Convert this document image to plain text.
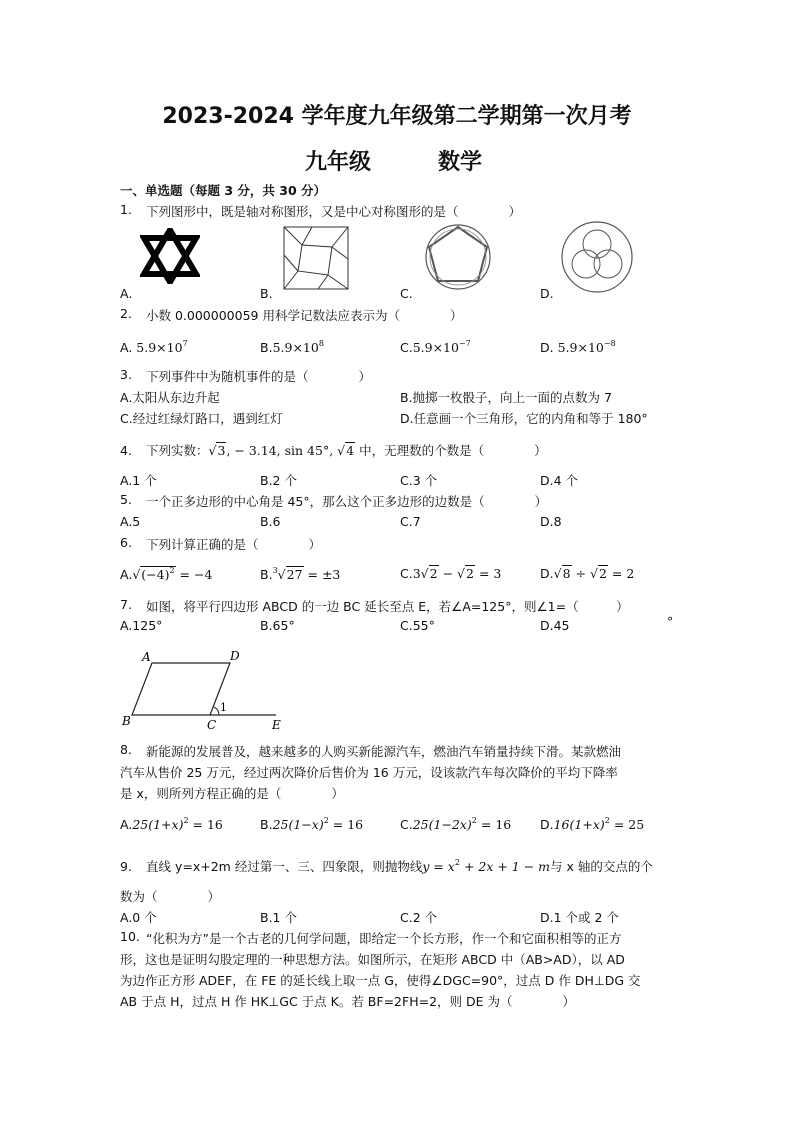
2023-2024 学年度九年级第二学期第一次月考
九年级	数学
一、单选题（每题 3 分，共 30 分）
1. 下列图形中，既是轴对称图形，又是中心对称图形的是（　　　　）
A.	B.	C.	D.
2. 小数 0.000000059 用科学记数法应表示为（　　　　）
A. $5.9\times 10^7$	$B.5.9\times 10^8$	$C.5.9\times 10^{-7}$	D. $5.9\times 10^{-8}$
3. 下列事件中为随机事件的是（　　　　）
A.太阳从东边升起	B.抛掷一枚骰子，向上一面的点数为 7
C.经过红绿灯路口，遇到红灯	D.任意画一个三角形，它的内角和等于 180°
4. 下列实数：√3, − 3.14, sin 45°, √4 中，无理数的个数是（　　　　）
A.1 个	B.2 个	C.3 个	D.4 个
5. 一个正多边形的中心角是 45°，那么这个正多边形的边数是（　　　　）
A.5	B.6	C.7	D.8
6. 下列计算正确的是（　　　　）
$A.√(-4)^2 = -4$	B.$^3$√27 = ±3	C.3√2 − √2 = 3	D.√8 ÷ √2 = 2
7. 如图，将平行四边形 ABCD 的一边 BC 延长至点 E，若∠A=125°，则∠1=（　　　）
A.125°	B.65°	C.55°	D.45	°
A	D
B	C	E
1
8. 新能源的发展普及，越来越多的人购买新能源汽车，燃油汽车销量持续下滑。某款燃油
汽车从售价 25 万元，经过两次降价后售价为 16 万元，设该款汽车每次降价的平均下降率
是 x，则所列方程正确的是（　　　　）
$A.25(1+x)^2 = 16$	$B.25(1-x)^2 = 16$	$C.25(1-2x)^2 = 16$ $D.16(1+x)^2 = 25$
9. 直线 y=x+2m 经过第一、三、四象限，则抛物线$y = x^2 + 2x + 1 - m$与 x 轴的交点的个
数为（　　　　）
A.0 个	B.1 个	C.2 个	D.1 个或 2 个
10. “化积为方”是一个古老的几何学问题，即给定一个长方形，作一个和它面积相等的正方
形，这也是证明勾股定理的一种思想方法。如图所示，在矩形 ABCD 中（AB>AD），以 AD
为边作正方形 ADEF，在 FE 的延长线上取一点 G，使得∠DGC=90°，过点 D 作 DH⊥DG 交
AB 于点 H，过点 H 作 HK⊥GC 于点 K。若 BF=2FH=2，则 DE 为（　　　　）
